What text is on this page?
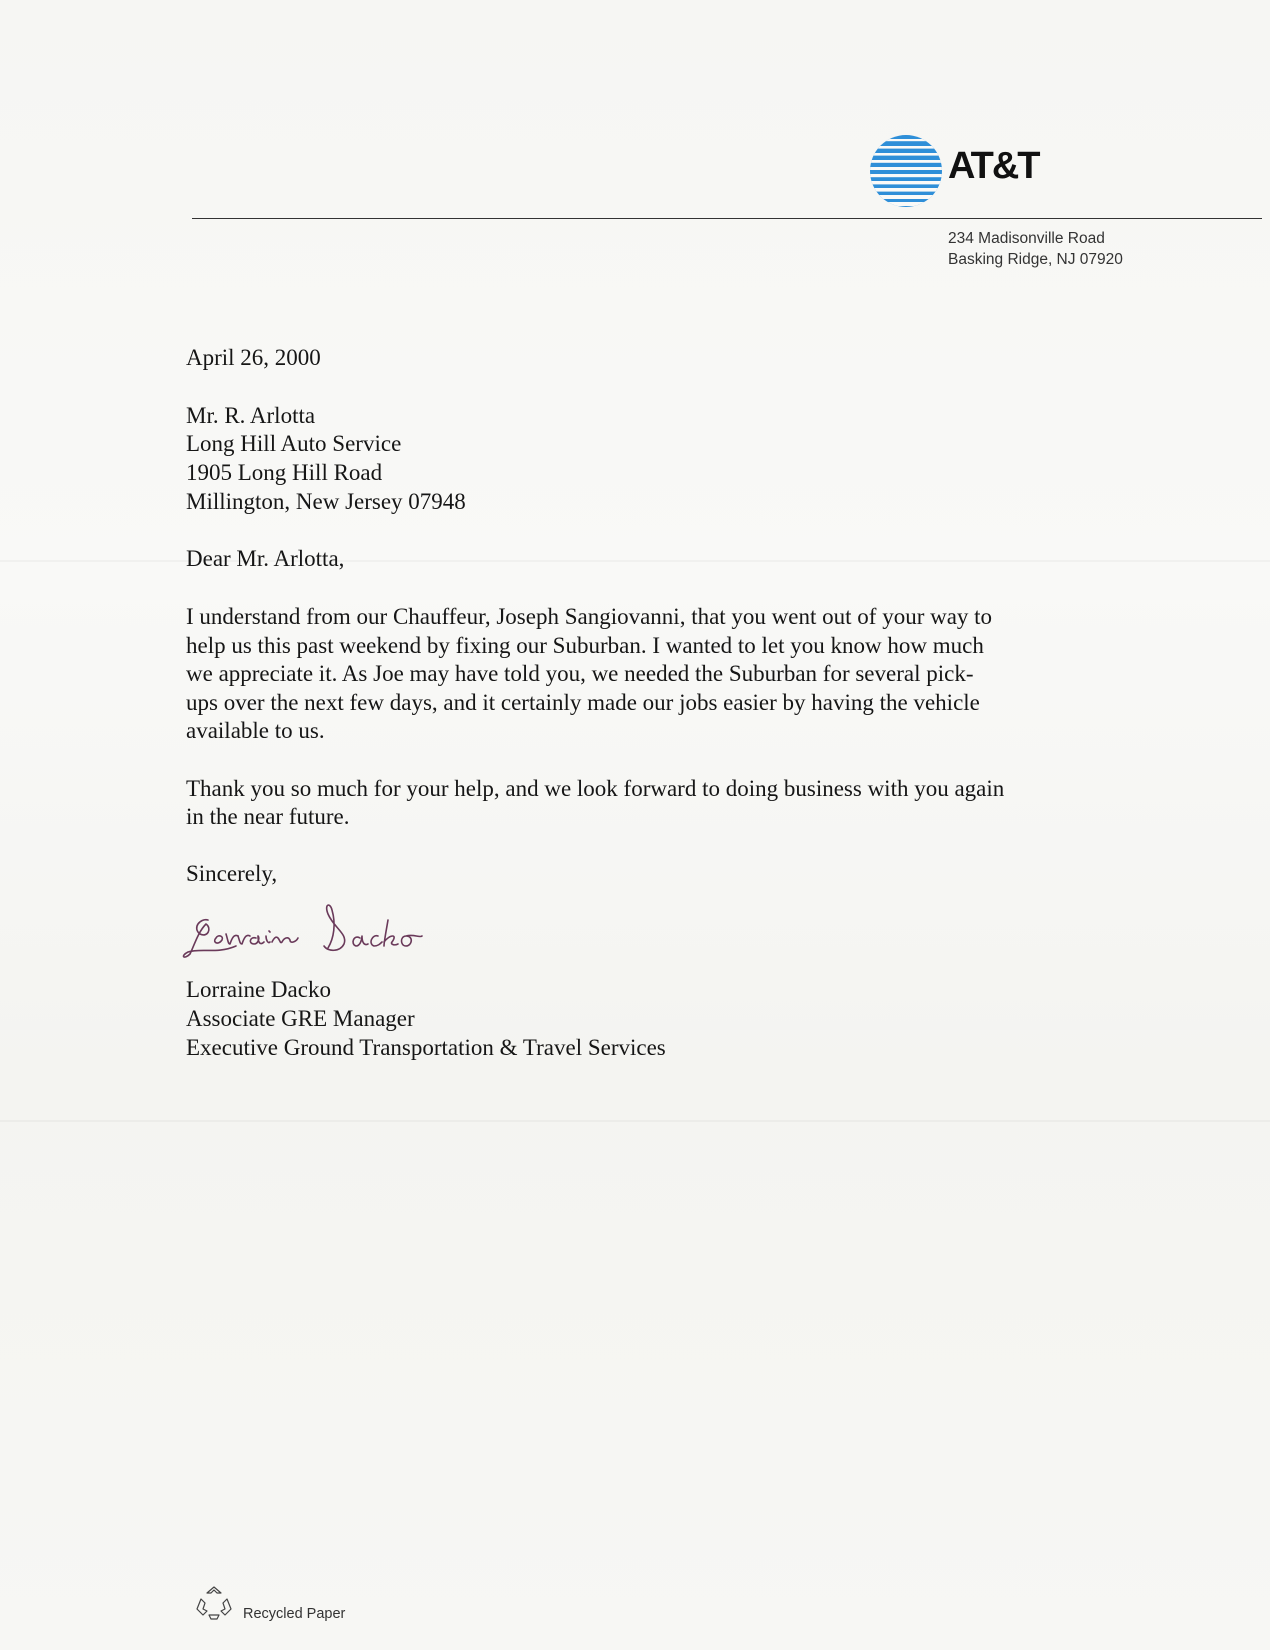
AT&T
234 Madisonville Road
Basking Ridge, NJ 07920
April 26, 2000
Mr. R. Arlotta
Long Hill Auto Service
1905 Long Hill Road
Millington, New Jersey 07948
Dear Mr. Arlotta,
I understand from our Chauffeur, Joseph Sangiovanni, that you went out of your way to
help us this past weekend by fixing our Suburban. I wanted to let you know how much
we appreciate it. As Joe may have told you, we needed the Suburban for several pick-
ups over the next few days, and it certainly made our jobs easier by having the vehicle
available to us.
Thank you so much for your help, and we look forward to doing business with you again
in the near future.
Sincerely,
Lorraine Dacko
Associate GRE Manager
Executive Ground Transportation & Travel Services
Recycled Paper
